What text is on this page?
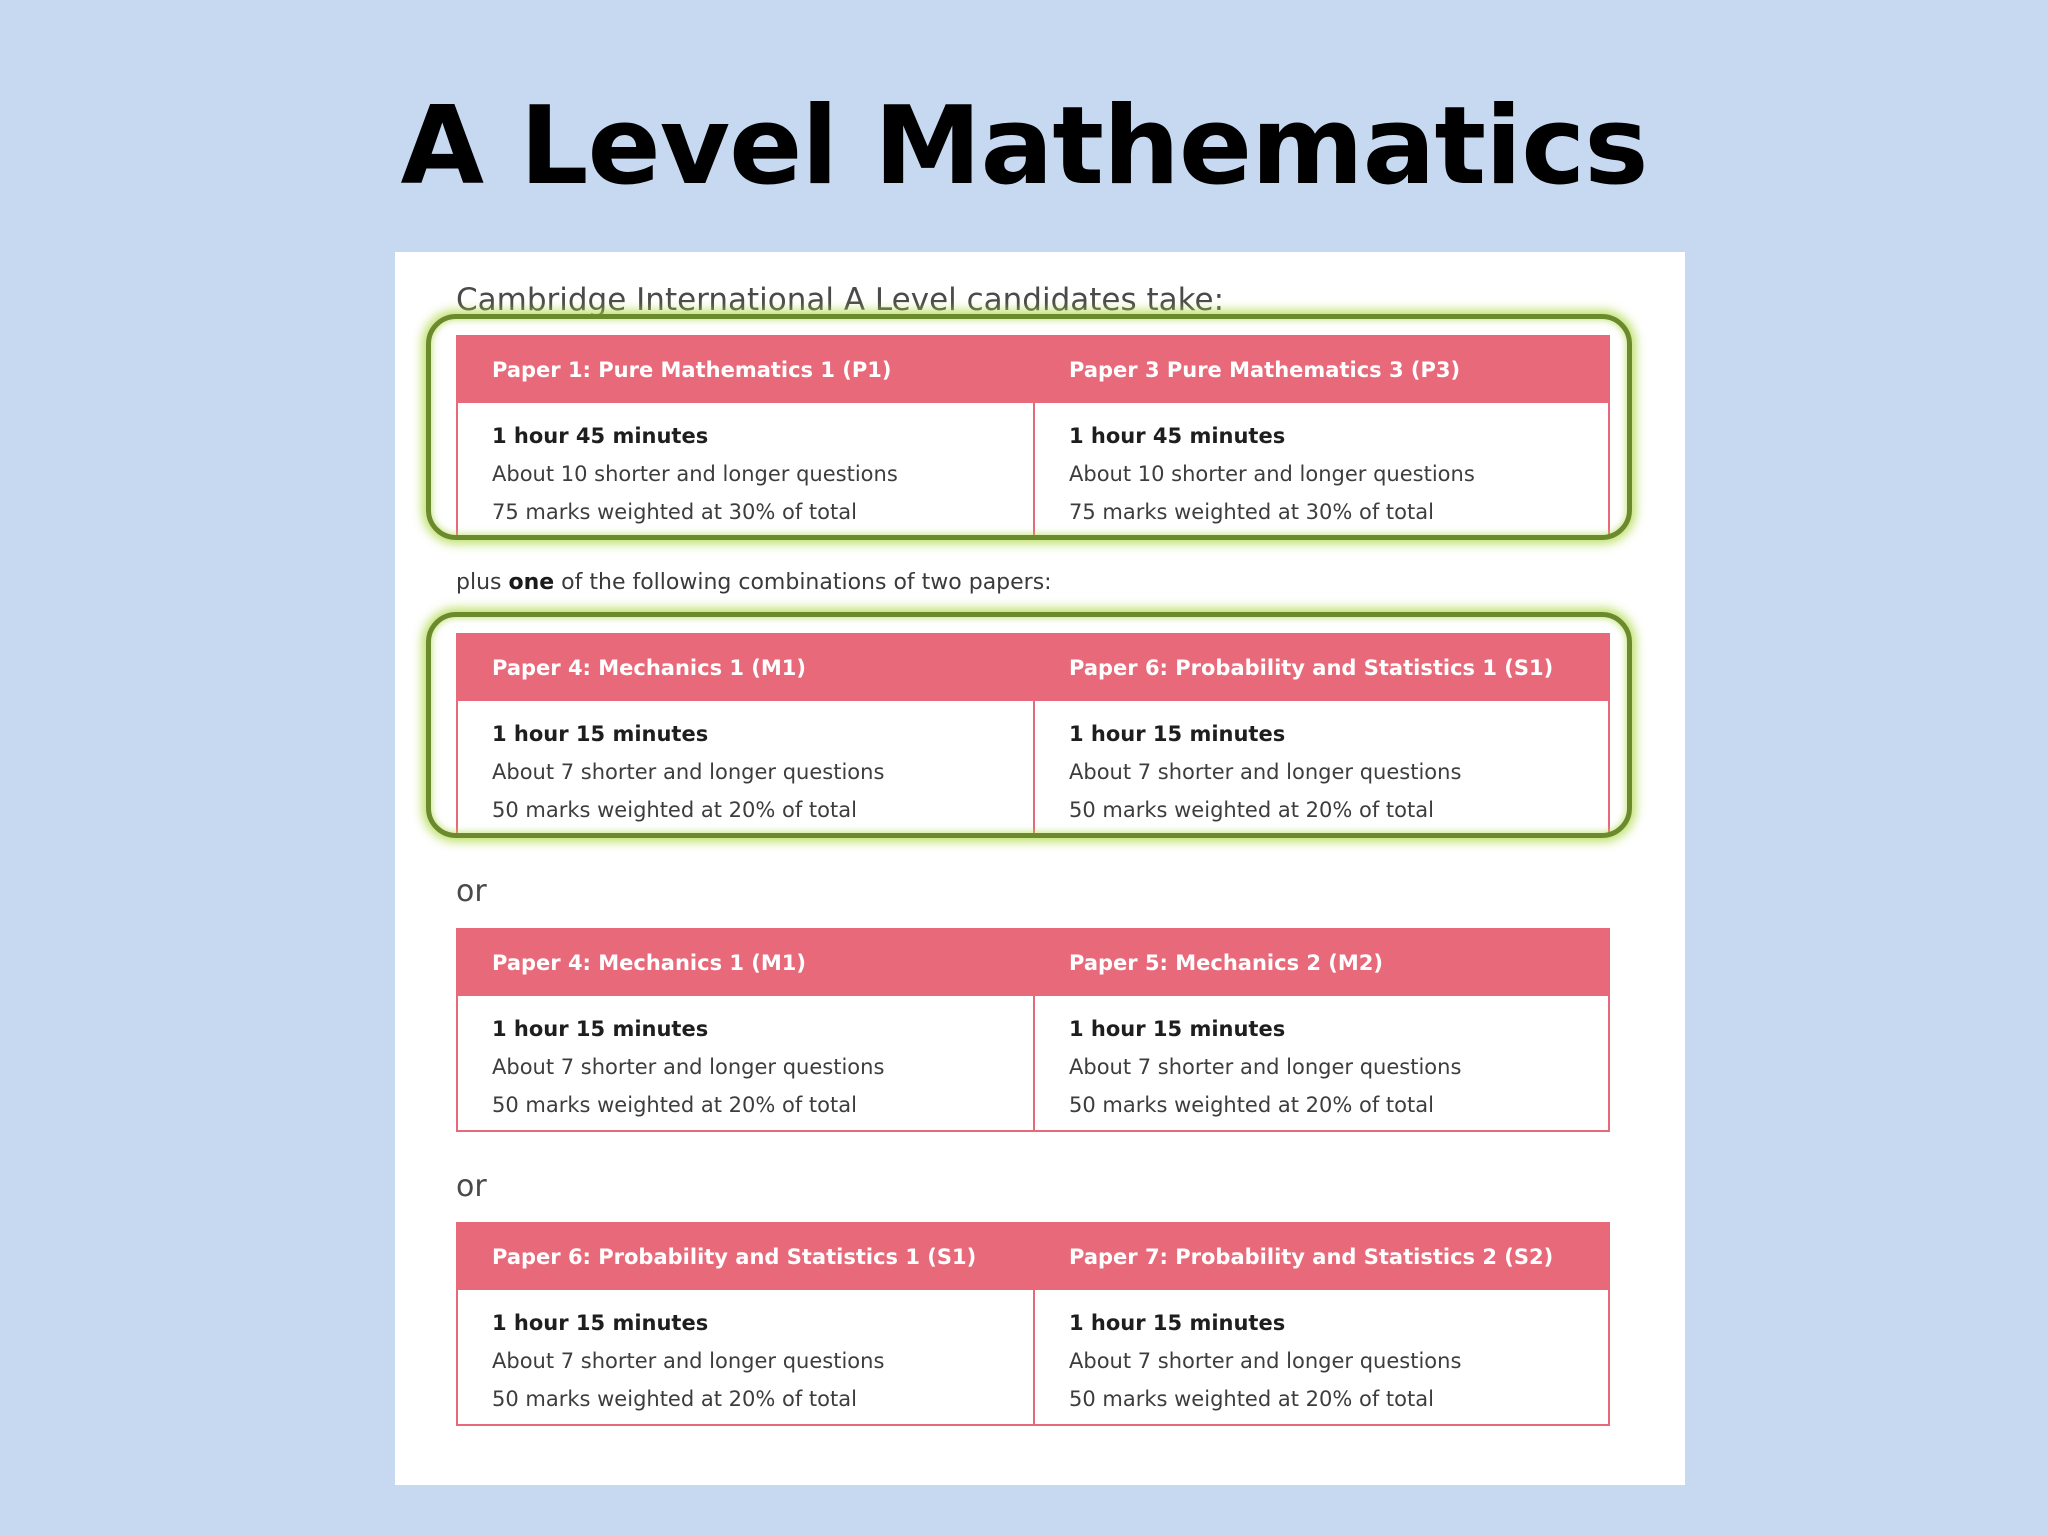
A Level Mathematics
Cambridge International A Level candidates take:
Paper 1: Pure Mathematics 1 (P1)
1 hour 45 minutes
About 10 shorter and longer questions
75 marks weighted at 30% of total
Paper 3 Pure Mathematics 3 (P3)
1 hour 45 minutes
About 10 shorter and longer questions
75 marks weighted at 30% of total
plus one of the following combinations of two papers:
Paper 4: Mechanics 1 (M1)
1 hour 15 minutes
About 7 shorter and longer questions
50 marks weighted at 20% of total
Paper 6: Probability and Statistics 1 (S1)
1 hour 15 minutes
About 7 shorter and longer questions
50 marks weighted at 20% of total
or
Paper 4: Mechanics 1 (M1)
1 hour 15 minutes
About 7 shorter and longer questions
50 marks weighted at 20% of total
Paper 5: Mechanics 2 (M2)
1 hour 15 minutes
About 7 shorter and longer questions
50 marks weighted at 20% of total
or
Paper 6: Probability and Statistics 1 (S1)
1 hour 15 minutes
About 7 shorter and longer questions
50 marks weighted at 20% of total
Paper 7: Probability and Statistics 2 (S2)
1 hour 15 minutes
About 7 shorter and longer questions
50 marks weighted at 20% of total
